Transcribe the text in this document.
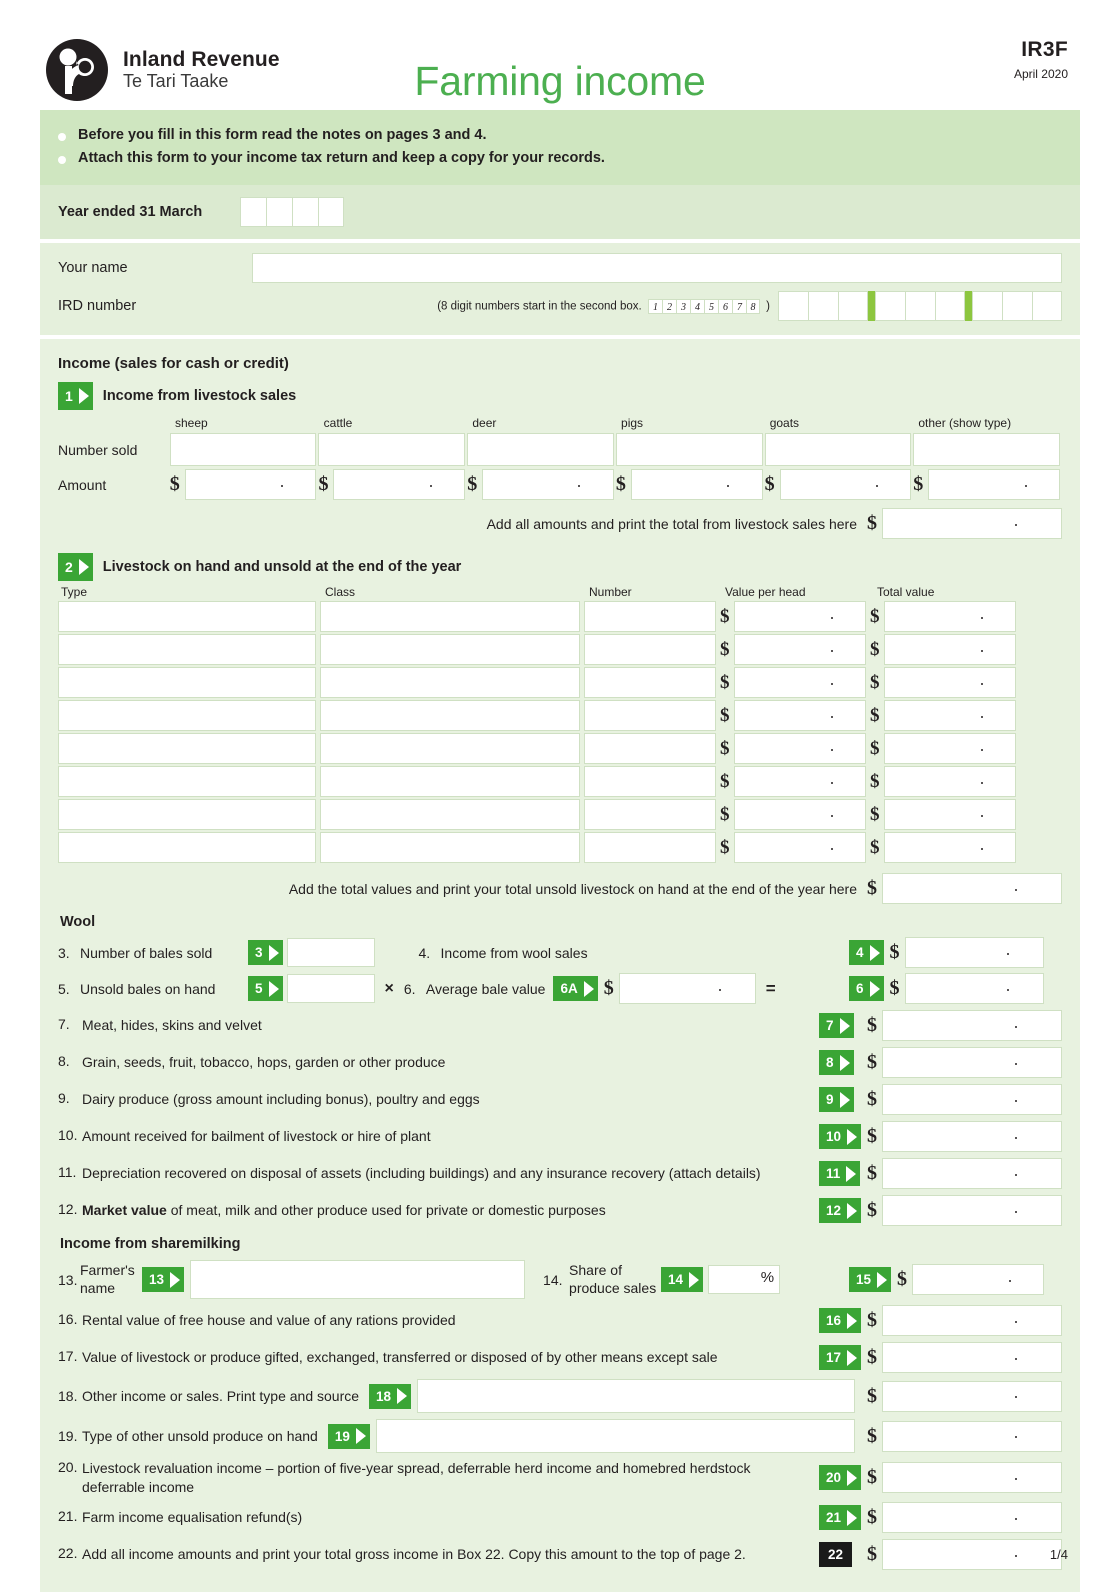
Inland Revenue
Te Tari Taake	Farming income
IR3F
April 2020
Before you fill in this form read the notes on pages 3 and 4.
Attach this form to your income tax return and keep a copy for your records.
Year ended 31 March
Your name
IRD number	(8 digit numbers start in the second box.	1 2 3 4 5 6 7 8 )
Income (sales for cash or credit)
1	Income from livestock sales
sheep	cattle	deer	pigs	goats	other (show type)
Number sold
Amount	$	$	$	$	$	$
Add all amounts and print the total from livestock sales here $
2	Livestock on hand and unsold at the end of the year
Type	Class	Number	Value per head	Total value
$	$
$	$
$	$
$	$
$	$
$	$
$	$
$	$
Add the total values and print your total unsold livestock on hand at the end of the year here $
Wool
3. Number of bales sold	3	4. Income from wool sales	4	$
5. Unsold bales on hand	5	× 6. Average bale value	6A	$	=	6	$
7. Meat, hides, skins and velvet	7	$
8. Grain, seeds, fruit, tobacco, hops, garden or other produce	8	$
9. Dairy produce (gross amount including bonus), poultry and eggs	9	$
10. Amount received for bailment of livestock or hire of plant	10	$
11. Depreciation recovered on disposal of assets (including buildings) and any insurance recovery (attach details)	11	$
12. Market value of meat, milk and other produce used for private or domestic purposes	12	$
Income from sharemilking
13.
Farmer's
name	13	14.
Share of
produce sales 14	%	15	$
16. Rental value of free house and value of any rations provided	16	$
17. Value of livestock or produce gifted, exchanged, transferred or disposed of by other means except sale	17	$
18. Other income or sales. Print type and source	18	$
19. Type of other unsold produce on hand	19	$
20. Livestock revaluation income – portion of five-year spread, deferrable herd income and homebred herdstock deferrable income
20	$
21. Farm income equalisation refund(s)	21	$
22. Add all income amounts and print your total gross income in Box 22. Copy this amount to the top of page 2.	22	$	1/4
